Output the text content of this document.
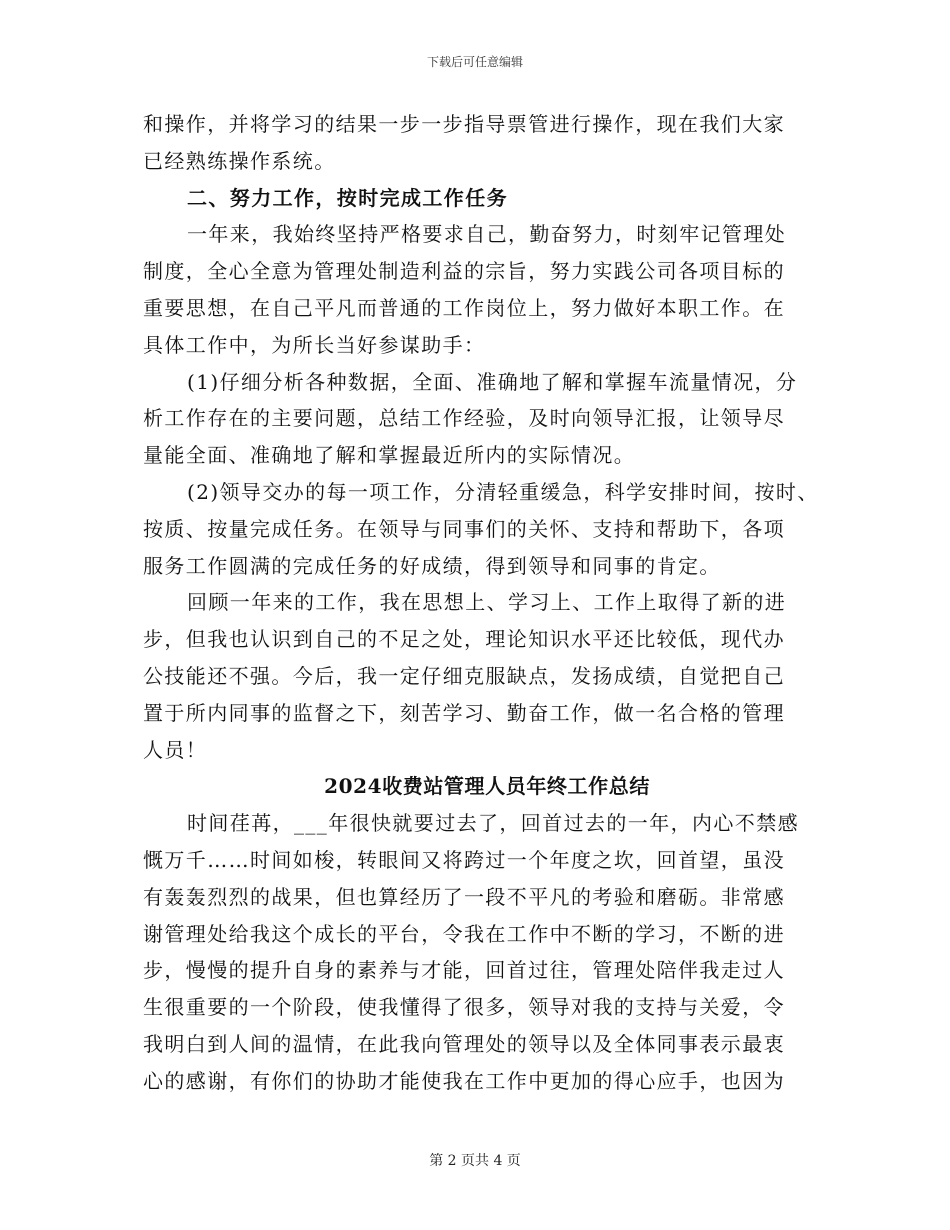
下载后可任意编辑
和操作，并将学习的结果一步一步指导票管进行操作，现在我们大家
已经熟练操作系统。
二、努力工作，按时完成工作任务
一年来，我始终坚持严格要求自己，勤奋努力，时刻牢记管理处
制度，全心全意为管理处制造利益的宗旨，努力实践公司各项目标的
重要思想，在自己平凡而普通的工作岗位上，努力做好本职工作。在
具体工作中，为所长当好参谋助手：
(1)仔细分析各种数据，全面、准确地了解和掌握车流量情况，分
析工作存在的主要问题，总结工作经验，及时向领导汇报，让领导尽
量能全面、准确地了解和掌握最近所内的实际情况。
(2)领导交办的每一项工作，分清轻重缓急，科学安排时间，按时、
按质、按量完成任务。在领导与同事们的关怀、支持和帮助下，各项
服务工作圆满的完成任务的好成绩，得到领导和同事的肯定。
回顾一年来的工作，我在思想上、学习上、工作上取得了新的进
步，但我也认识到自己的不足之处，理论知识水平还比较低，现代办
公技能还不强。今后，我一定仔细克服缺点，发扬成绩，自觉把自己
置于所内同事的监督之下，刻苦学习、勤奋工作，做一名合格的管理
人员！
2024收费站管理人员年终工作总结
时间荏苒，___年很快就要过去了，回首过去的一年，内心不禁感
慨万千……时间如梭，转眼间又将跨过一个年度之坎，回首望，虽没
有轰轰烈烈的战果，但也算经历了一段不平凡的考验和磨砺。非常感
谢管理处给我这个成长的平台，令我在工作中不断的学习，不断的进
步，慢慢的提升自身的素养与才能，回首过往，管理处陪伴我走过人
生很重要的一个阶段，使我懂得了很多，领导对我的支持与关爱，令
我明白到人间的温情，在此我向管理处的领导以及全体同事表示最衷
心的感谢，有你们的协助才能使我在工作中更加的得心应手，也因为
第 2 页共 4 页
